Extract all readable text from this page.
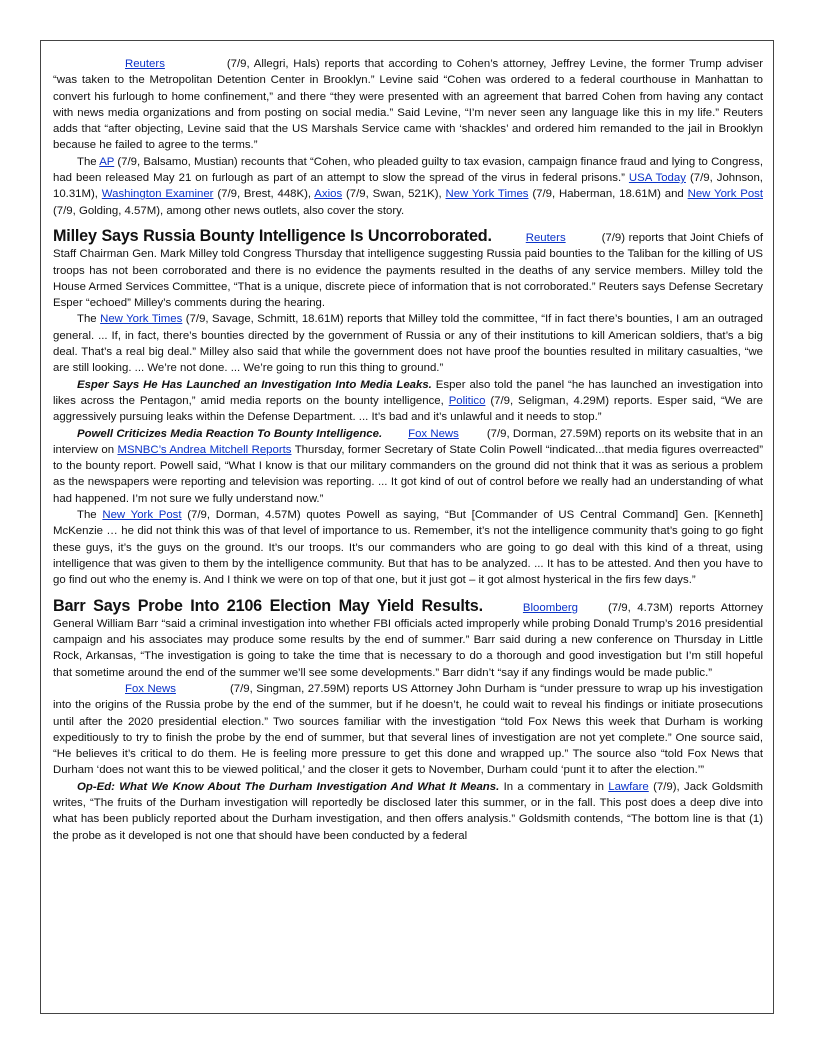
Reuters	(7/9, Allegri, Hals) reports that according to Cohen’s attorney, Jeffrey Levine, the former Trump adviser “was taken to the Metropolitan Detention Center in Brooklyn.” Levine said “Cohen was ordered to a federal courthouse in Manhattan to convert his furlough to home confinement,” and there “they were presented with an agreement that barred Cohen from having any contact with news media organizations and from posting on social media.” Said Levine, “I’m never seen any language like this in my life.” Reuters adds that “after objecting, Levine said that the US Marshals Service came with ‘shackles’ and ordered him remanded to the jail in Brooklyn because he failed to agree to the terms.”

The AP (7/9, Balsamo, Mustian) recounts that “Cohen, who pleaded guilty to tax evasion, campaign finance fraud and lying to Congress, had been released May 21 on furlough as part of an attempt to slow the spread of the virus in federal prisons.” USA Today (7/9, Johnson, 10.31M), Washington Examiner (7/9, Brest, 448K), Axios (7/9, Swan, 521K), New York Times (7/9, Haberman, 18.61M) and New York Post (7/9, Golding, 4.57M), among other news outlets, also cover the story.

Milley Says Russia Bounty Intelligence Is Uncorroborated.	Reuters	(7/9) reports that Joint Chiefs of Staff Chairman Gen. Mark Milley told Congress Thursday that intelligence suggesting Russia paid bounties to the Taliban for the killing of US troops has not been corroborated and there is no evidence the payments resulted in the deaths of any service members. Milley told the House Armed Services Committee, “That is a unique, discrete piece of information that is not corroborated.” Reuters says Defense Secretary Esper “echoed” Milley’s comments during the hearing.

The New York Times (7/9, Savage, Schmitt, 18.61M) reports that Milley told the committee, “If in fact there’s bounties, I am an outraged general. ... If, in fact, there’s bounties directed by the government of Russia or any of their institutions to kill American soldiers, that’s a big deal. That’s a real big deal.” Milley also said that while the government does not have proof the bounties resulted in military casualties, “we are still looking. ... We’re not done. ... We’re going to run this thing to ground.”

Esper Says He Has Launched an Investigation Into Media Leaks. Esper also told the panel “he has launched an investigation into likes across the Pentagon,” amid media reports on the bounty intelligence, Politico (7/9, Seligman, 4.29M) reports. Esper said, “We are aggressively pursuing leaks within the Defense Department. ... It’s bad and it’s unlawful and it needs to stop.”

Powell Criticizes Media Reaction To Bounty Intelligence. Fox News (7/9, Dorman, 27.59M) reports on its website that in an interview on MSNBC’s Andrea Mitchell Reports Thursday, former Secretary of State Colin Powell “indicated...that media figures overreacted” to the bounty report. Powell said, “What I know is that our military commanders on the ground did not think that it was as serious a problem as the newspapers were reporting and television was reporting. ... It got kind of out of control before we really had an understanding of what had happened. I’m not sure we fully understand now.”

The New York Post (7/9, Dorman, 4.57M) quotes Powell as saying, “But [Commander of US Central Command] Gen. [Kenneth] McKenzie … he did not think this was of that level of importance to us. Remember, it’s not the intelligence community that’s going to go fight these guys, it’s the guys on the ground. It’s our troops. It’s our commanders who are going to go deal with this kind of a threat, using intelligence that was given to them by the intelligence community. But that has to be analyzed. ... It has to be attested. And then you have to go find out who the enemy is. And I think we were on top of that one, but it just got – it got almost hysterical in the firs few days.”

Barr Says Probe Into 2106 Election May Yield Results.	Bloomberg	(7/9, 4.73M) reports Attorney General William Barr “said a criminal investigation into whether FBI officials acted improperly while probing Donald Trump’s 2016 presidential campaign and his associates may produce some results by the end of summer.” Barr said during a new conference on Thursday in Little Rock, Arkansas, “The investigation is going to take the time that is necessary to do a thorough and good investigation but I’m still hopeful that sometime around the end of the summer we’ll see some developments.” Barr didn’t “say if any findings would be made public.”

Fox News	(7/9, Singman, 27.59M) reports US Attorney John Durham is “under pressure to wrap up his investigation into the origins of the Russia probe by the end of the summer, but if he doesn’t, he could wait to reveal his findings or initiate prosecutions until after the 2020 presidential election.” Two sources familiar with the investigation “told Fox News this week that Durham is working expeditiously to try to finish the probe by the end of summer, but that several lines of investigation are not yet complete.” One source said, “He believes it’s critical to do them. He is feeling more pressure to get this done and wrapped up.” The source also “told Fox News that Durham ‘does not want this to be viewed political,’ and the closer it gets to November, Durham could ‘punt it to after the election.’”

Op-Ed: What We Know About The Durham Investigation And What It Means. In a commentary in Lawfare (7/9), Jack Goldsmith writes, “The fruits of the Durham investigation will reportedly be disclosed later this summer, or in the fall. This post does a deep dive into what has been publicly reported about the Durham investigation, and then offers analysis.” Goldsmith contends, “The bottom line is that (1) the probe as it developed is not one that should have been conducted by a federal
